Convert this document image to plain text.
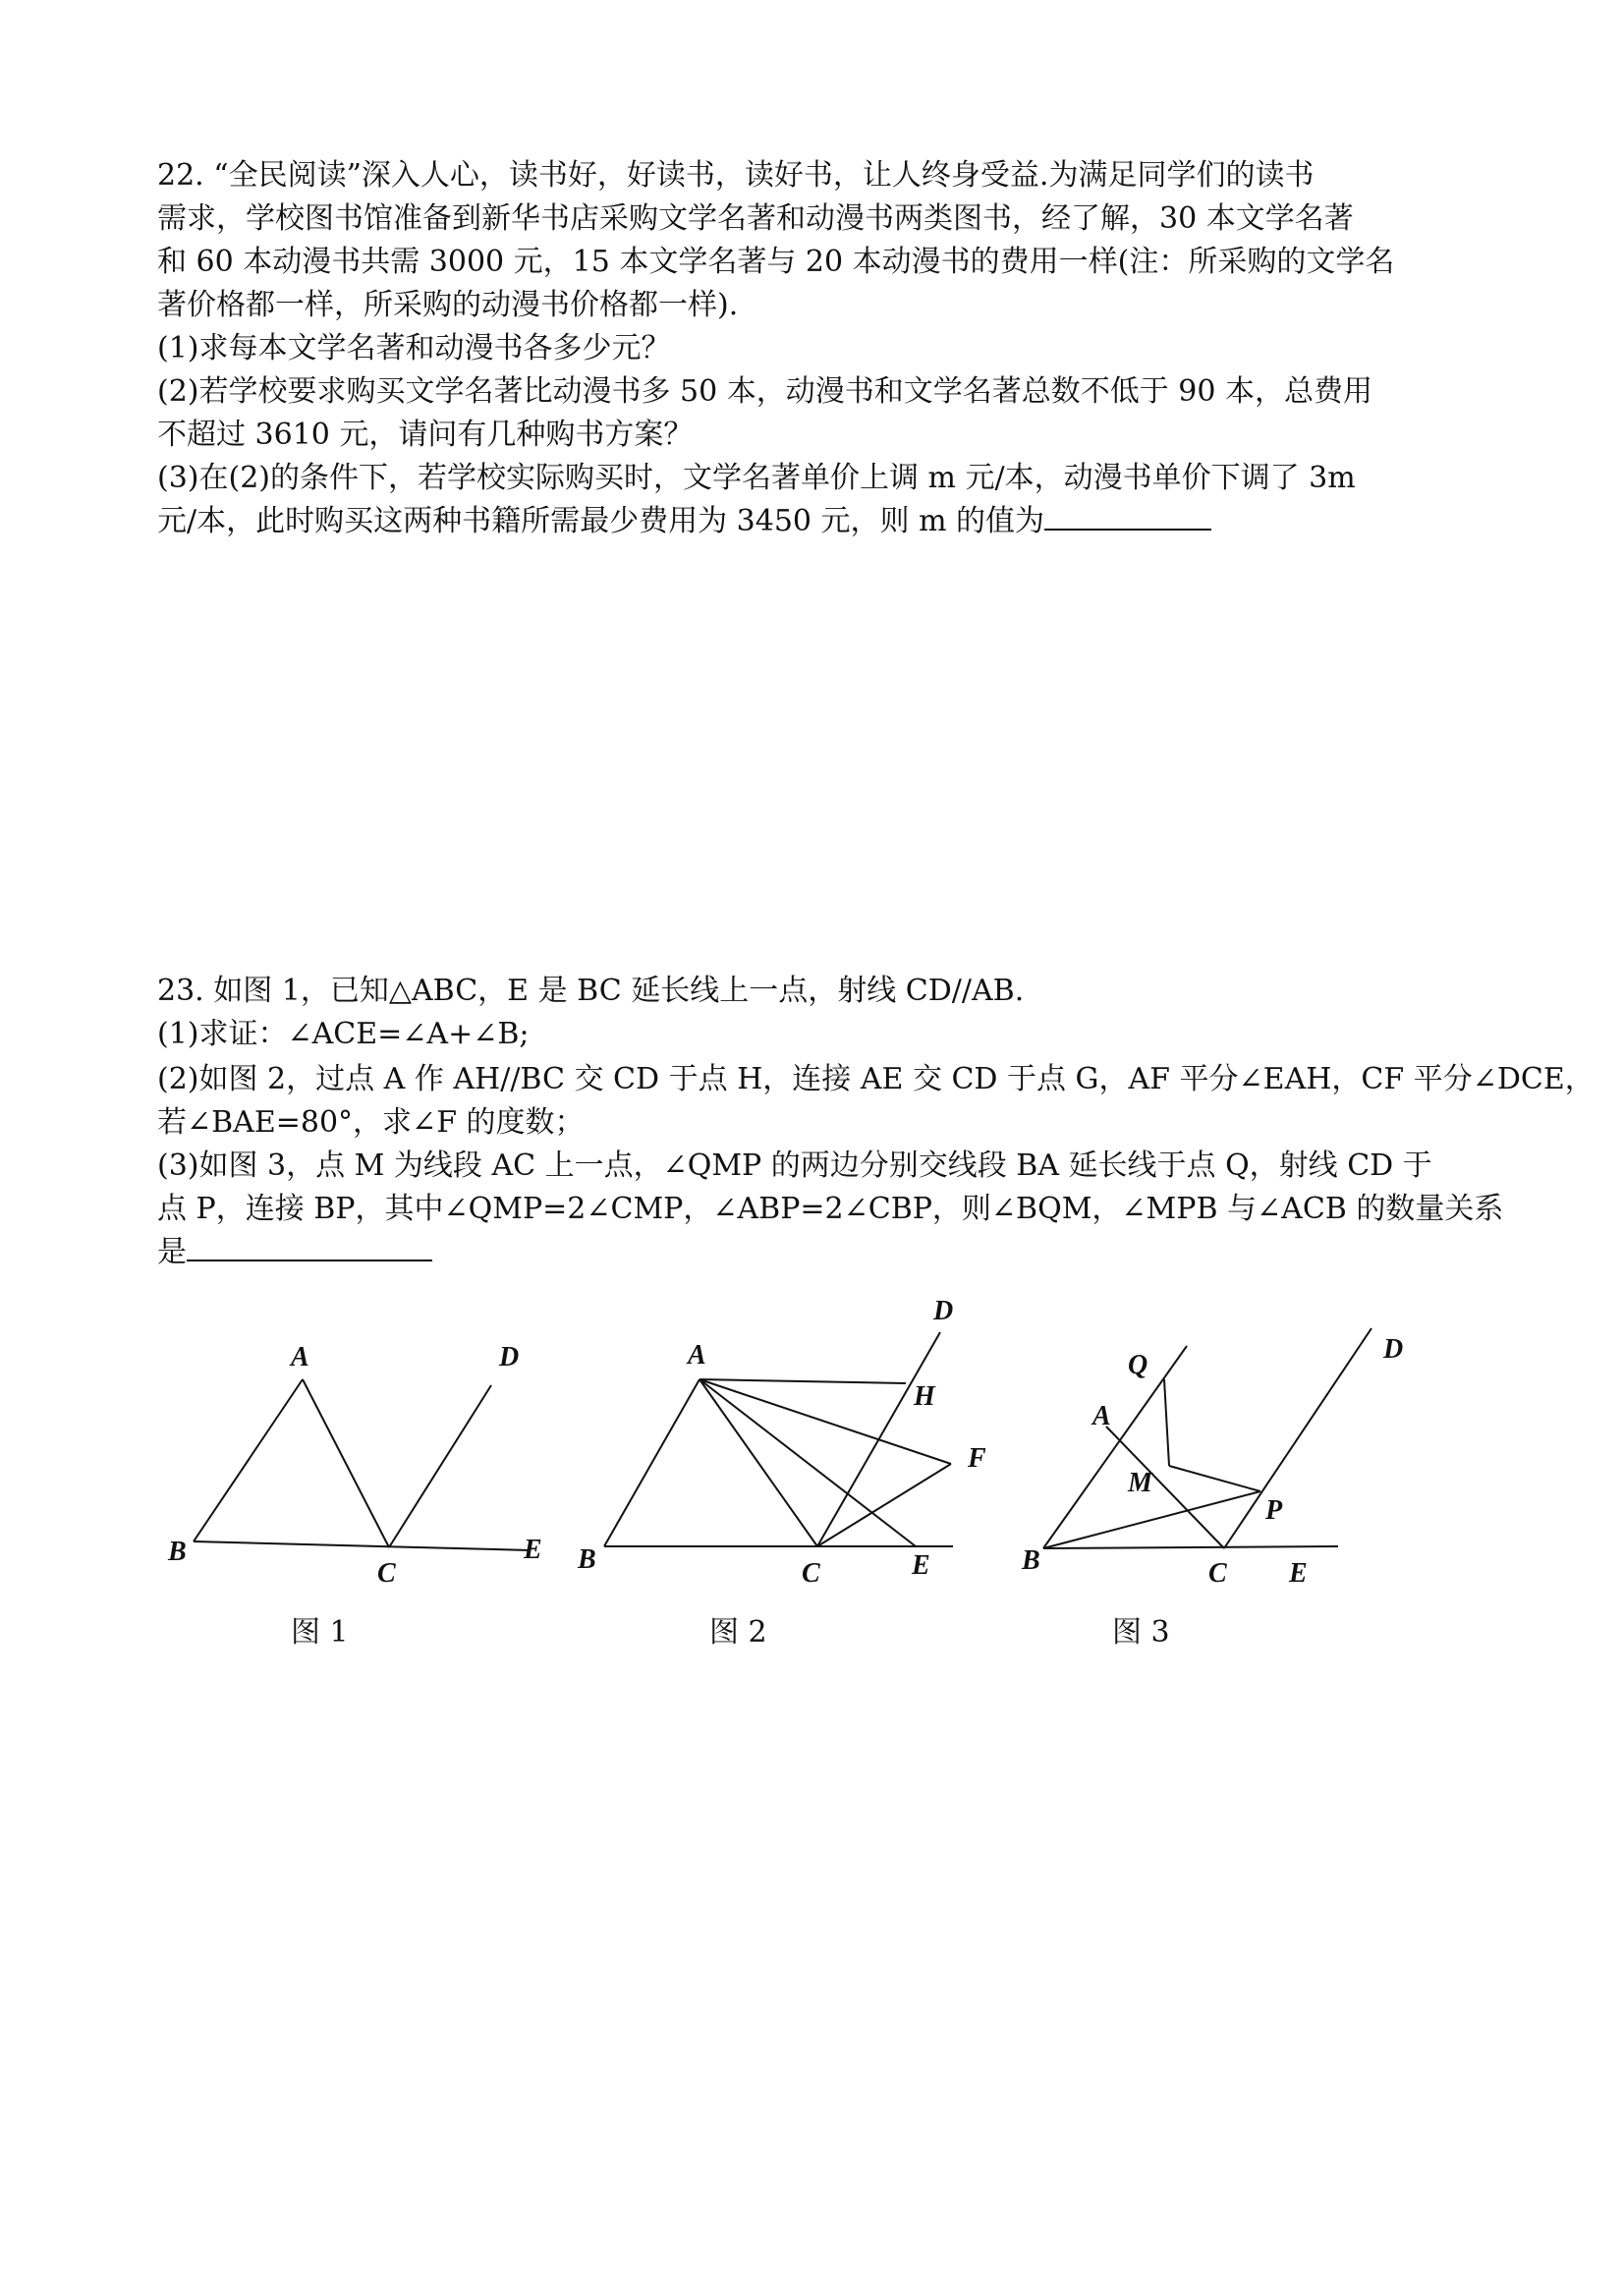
22. “全民阅读”深入人心，读书好，好读书，读好书，让人终身受益.为满足同学们的读书
需求，学校图书馆准备到新华书店采购文学名著和动漫书两类图书，经了解，30 本文学名著
和 60 本动漫书共需 3000 元，15 本文学名著与 20 本动漫书的费用一样(注：所采购的文学名
著价格都一样，所采购的动漫书价格都一样).
(1)求每本文学名著和动漫书各多少元？
(2)若学校要求购买文学名著比动漫书多 50 本，动漫书和文学名著总数不低于 90 本，总费用
不超过 3610 元，请问有几种购书方案？
(3)在(2)的条件下，若学校实际购买时，文学名著单价上调 m 元/本，动漫书单价下调了 3m
元/本，此时购买这两种书籍所需最少费用为 3450 元，则 m 的值为
23. 如图 1，已知△ABC，E 是 BC 延长线上一点，射线 CD//AB.
(1)求证：∠ACE=∠A+∠B;
(2)如图 2，过点 A 作 AH//BC 交 CD 于点 H，连接 AE 交 CD 于点 G，AF 平分∠EAH，CF 平分∠DCE，
若∠BAE=80°，求∠F 的度数；
(3)如图 3，点 M 为线段 AC 上一点，∠QMP 的两边分别交线段 BA 延长线于点 Q，射线 CD 于
点 P，连接 BP，其中∠QMP=2∠CMP，∠ABP=2∠CBP，则∠BQM，∠MPB 与∠ACB 的数量关系
是
A
B
C
D
E
A
B	C
D
E
F
H
Q
A
M
P
B	C E
D
图 1	图 2	图 3
